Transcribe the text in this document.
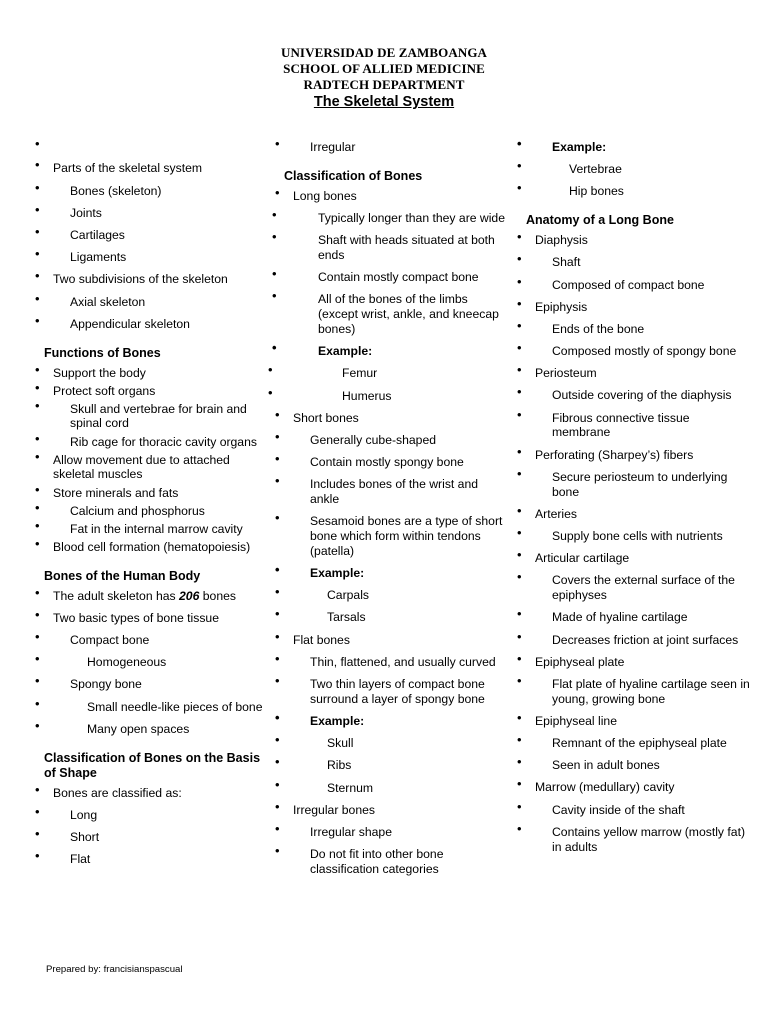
UNIVERSIDAD DE ZAMBOANGA
SCHOOL OF ALLIED MEDICINE
RADTECH DEPARTMENT
The Skeletal System
•
• Parts of the skeletal system
• Bones (skeleton)
• Joints
• Cartilages
• Ligaments
• Two subdivisions of the skeleton
• Axial skeleton
• Appendicular skeleton
Functions of Bones
• Support the body
• Protect soft organs
• Skull and vertebrae for brain and spinal cord
• Rib cage for thoracic cavity organs
• Allow movement due to attached skeletal muscles
• Store minerals and fats
• Calcium and phosphorus
• Fat in the internal marrow cavity
• Blood cell formation (hematopoiesis)
Bones of the Human Body
• The adult skeleton has 206 bones
• Two basic types of bone tissue
• Compact bone
• Homogeneous
• Spongy bone
• Small needle-like pieces of bone
• Many open spaces
Classification of Bones on the Basis of Shape
• Bones are classified as:
• Long
• Short
• Flat
• Irregular
Classification of Bones
• Long bones
• Typically longer than they are wide
• Shaft with heads situated at both ends
• Contain mostly compact bone
• All of the bones of the limbs (except wrist, ankle, and kneecap bones)
• Example:
• Femur
• Humerus
• Short bones
• Generally cube-shaped
• Contain mostly spongy bone
• Includes bones of the wrist and ankle
• Sesamoid bones are a type of short bone which form within tendons (patella)
• Example:
• Carpals
• Tarsals
• Flat bones
• Thin, flattened, and usually curved
• Two thin layers of compact bone surround a layer of spongy bone
• Example:
• Skull
• Ribs
• Sternum
• Irregular bones
• Irregular shape
• Do not fit into other bone classification categories
• Example:
• Vertebrae
• Hip bones
Anatomy of a Long Bone
• Diaphysis
• Shaft
• Composed of compact bone
• Epiphysis
• Ends of the bone
• Composed mostly of spongy bone
• Periosteum
• Outside covering of the diaphysis
• Fibrous connective tissue membrane
• Perforating (Sharpey’s) fibers
• Secure periosteum to underlying bone
• Arteries
• Supply bone cells with nutrients
• Articular cartilage
• Covers the external surface of the epiphyses
• Made of hyaline cartilage
• Decreases friction at joint surfaces
• Epiphyseal plate
• Flat plate of hyaline cartilage seen in young, growing bone
• Epiphyseal line
• Remnant of the epiphyseal plate
• Seen in adult bones
• Marrow (medullary) cavity
• Cavity inside of the shaft
• Contains yellow marrow (mostly fat) in adults
Prepared by: francisianspascual
